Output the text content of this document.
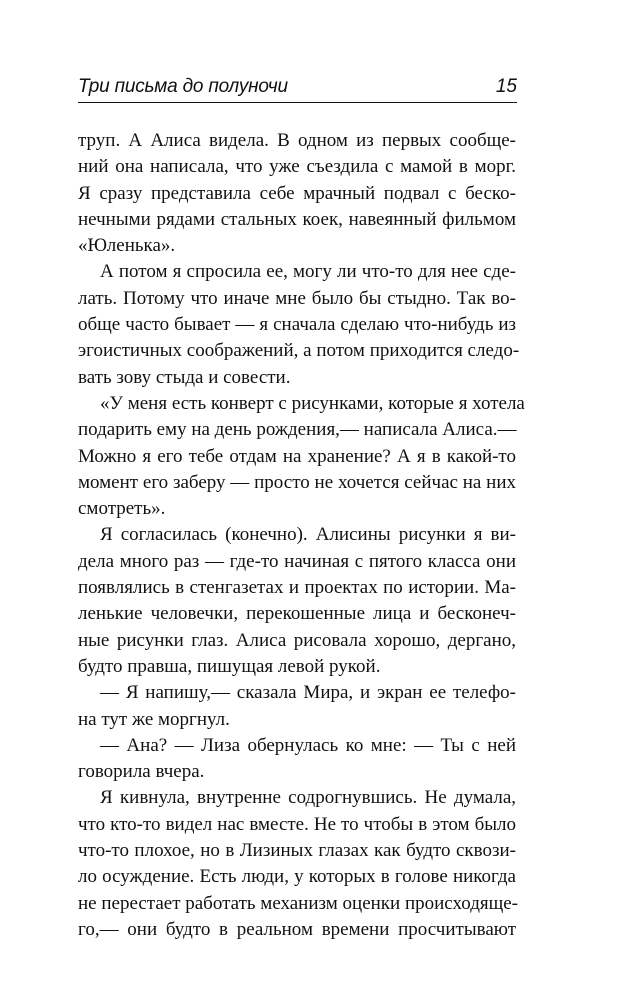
Три письма до полуночи	15
труп. А Алиса видела. В одном из первых сообще-
ний она написала, что уже съездила с мамой в морг.
Я сразу представила себе мрачный подвал с беско-
нечными рядами стальных коек, навеянный фильмом
«Юленька».
А потом я спросила ее, могу ли что-то для нее сде-
лать. Потому что иначе мне было бы стыдно. Так во-
обще часто бывает — я сначала сделаю что-нибудь из
эгоистичных соображений, а потом приходится следо-
вать зову стыда и совести.
«У меня есть конверт с рисунками, которые я хотела
подарить ему на день рождения,— написала Алиса.—
Можно я его тебе отдам на хранение? А я в какой-то
момент его заберу — просто не хочется сейчас на них
смотреть».
Я согласилась (конечно). Алисины рисунки я ви-
дела много раз — где-то начиная с пятого класса они
появлялись в стенгазетах и проектах по истории. Ма-
ленькие человечки, перекошенные лица и бесконеч-
ные рисунки глаз. Алиса рисовала хорошо, дергано,
будто правша, пишущая левой рукой.
— Я напишу,— сказала Мира, и экран ее телефо-
на тут же моргнул.
— Ана? — Лиза обернулась ко мне: — Ты с ней
говорила вчера.
Я кивнула, внутренне содрогнувшись. Не думала,
что кто-то видел нас вместе. Не то чтобы в этом было
что-то плохое, но в Лизиных глазах как будто сквози-
ло осуждение. Есть люди, у которых в голове никогда
не перестает работать механизм оценки происходяще-
го,— они будто в реальном времени просчитывают
